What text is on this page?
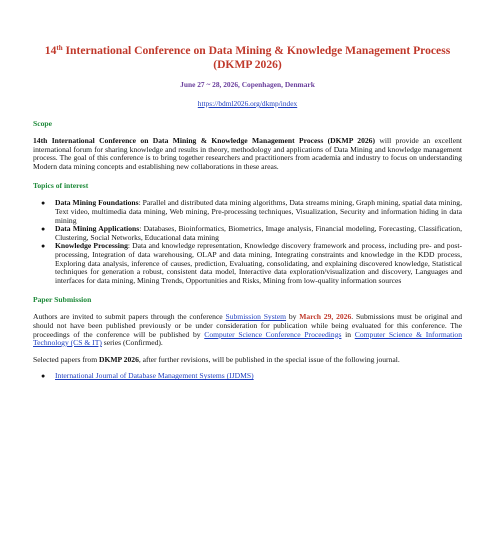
14th International Conference on Data Mining & Knowledge Management Process (DKMP 2026)
June 27 ~ 28, 2026, Copenhagen, Denmark
https://bdml2026.org/dkmp/index
Scope

14th International Conference on Data Mining & Knowledge Management Process (DKMP 2026) will provide an excellent international forum for sharing knowledge and results in theory, methodology and applications of Data Mining and knowledge management process. The goal of this conference is to bring together researchers and practitioners from academia and industry to focus on understanding Modern data mining concepts and establishing new collaborations in these areas.

Topics of interest
● Data Mining Foundations: Parallel and distributed data mining algorithms, Data streams mining, Graph mining, spatial data mining, Text video, multimedia data mining, Web mining, Pre-processing techniques, Visualization, Security and information hiding in data mining
● Data Mining Applications: Databases, Bioinformatics, Biometrics, Image analysis, Financial modeling, Forecasting, Classification, Clustering, Social Networks, Educational data mining
● Knowledge Processing: Data and knowledge representation, Knowledge discovery framework and process, including pre- and post-processing, Integration of data warehousing, OLAP and data mining, Integrating constraints and knowledge in the KDD process, Exploring data analysis, inference of causes, prediction, Evaluating, consolidating, and explaining discovered knowledge, Statistical techniques for generation a robust, consistent data model, Interactive data exploration/visualization and discovery, Languages and interfaces for data mining, Mining Trends, Opportunities and Risks, Mining from low-quality information sources
Paper Submission

Authors are invited to submit papers through the conference Submission System by March 29, 2026. Submissions must be original and should not have been published previously or be under consideration for publication while being evaluated for this conference. The proceedings of the conference will be published by Computer Science Conference Proceedings in Computer Science & Information Technology (CS & IT) series (Confirmed).

Selected papers from DKMP 2026, after further revisions, will be published in the special issue of the following journal.

● International Journal of Database Management Systems (IJDMS)
